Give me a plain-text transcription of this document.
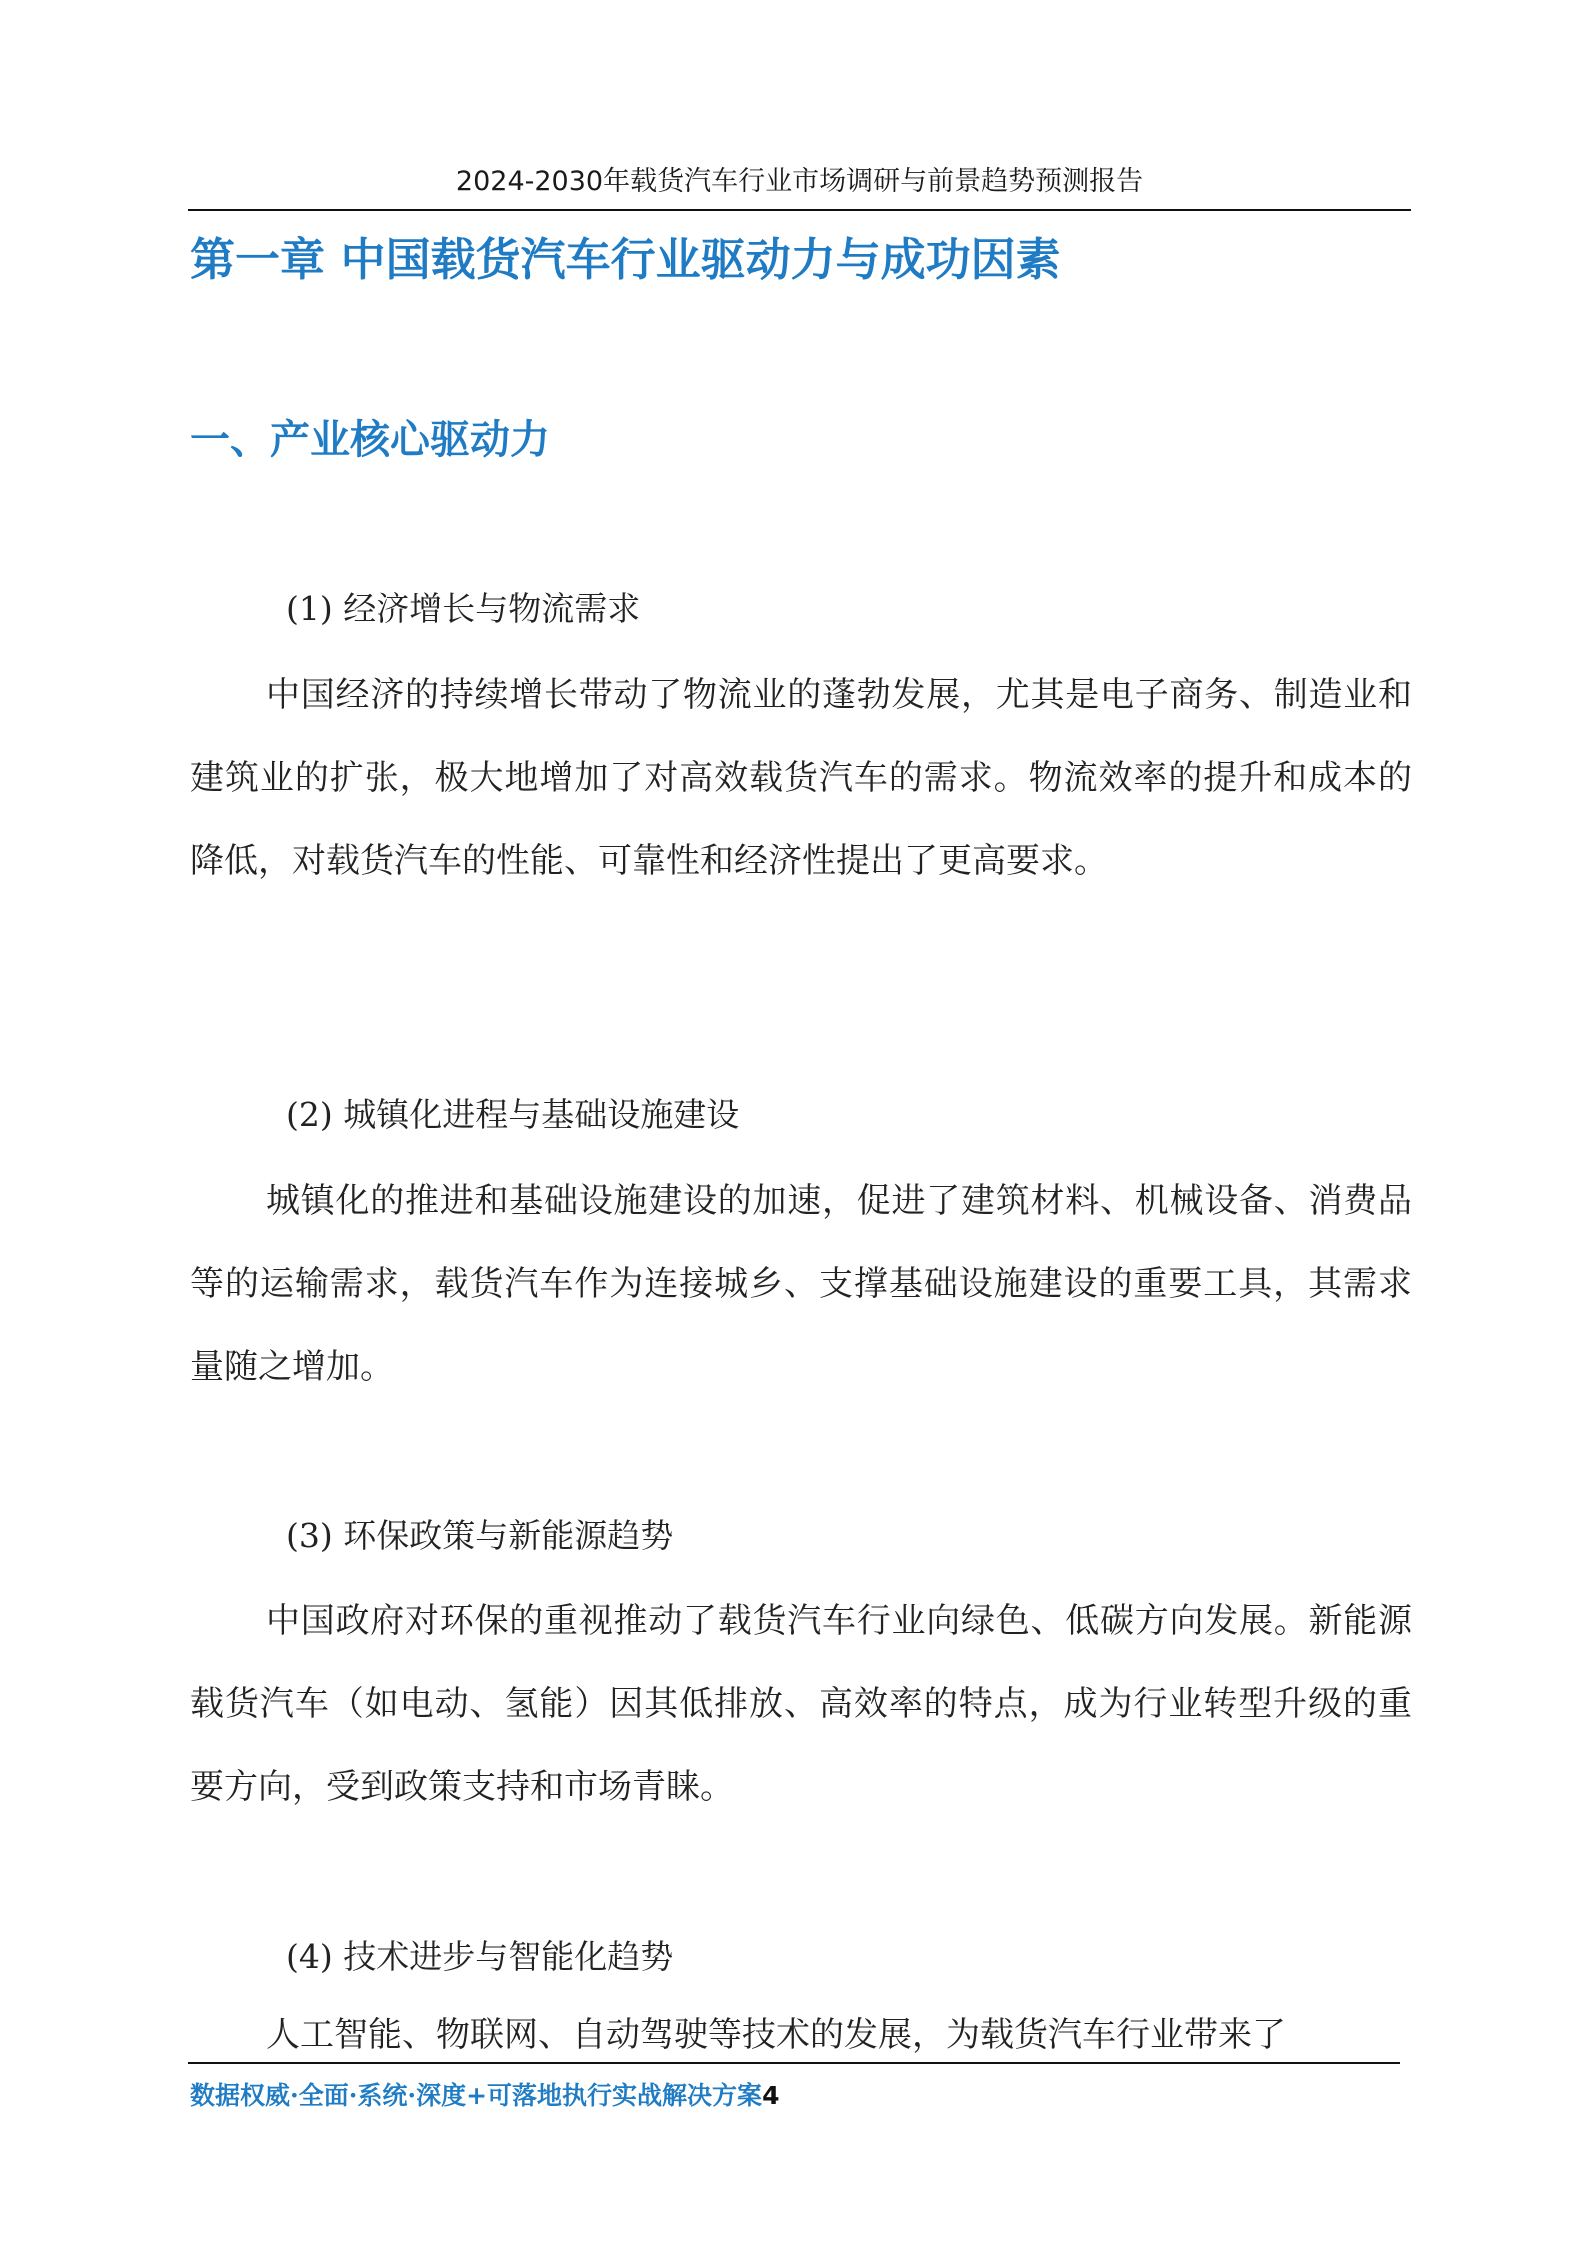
2024-2030年载货汽车行业市场调研与前景趋势预测报告
第一章 中国载货汽车行业驱动力与成功因素
一、产业核心驱动力
(1) 经济增长与物流需求

中国经济的持续增长带动了物流业的蓬勃发展，尤其是电子商务、制造业和建筑业的扩张，极大地增加了对高效载货汽车的需求。物流效率的提升和成本的降低，对载货汽车的性能、可靠性和经济性提出了更高要求。

(2) 城镇化进程与基础设施建设

城镇化的推进和基础设施建设的加速，促进了建筑材料、机械设备、消费品等的运输需求，载货汽车作为连接城乡、支撑基础设施建设的重要工具，其需求量随之增加。

(3) 环保政策与新能源趋势

中国政府对环保的重视推动了载货汽车行业向绿色、低碳方向发展。新能源载货汽车（如电动、氢能）因其低排放、高效率的特点，成为行业转型升级的重要方向，受到政策支持和市场青睐。

(4) 技术进步与智能化趋势

人工智能、物联网、自动驾驶等技术的发展，为载货汽车行业带来了

数据权威·全面·系统·深度+可落地执行实战解决方案4
